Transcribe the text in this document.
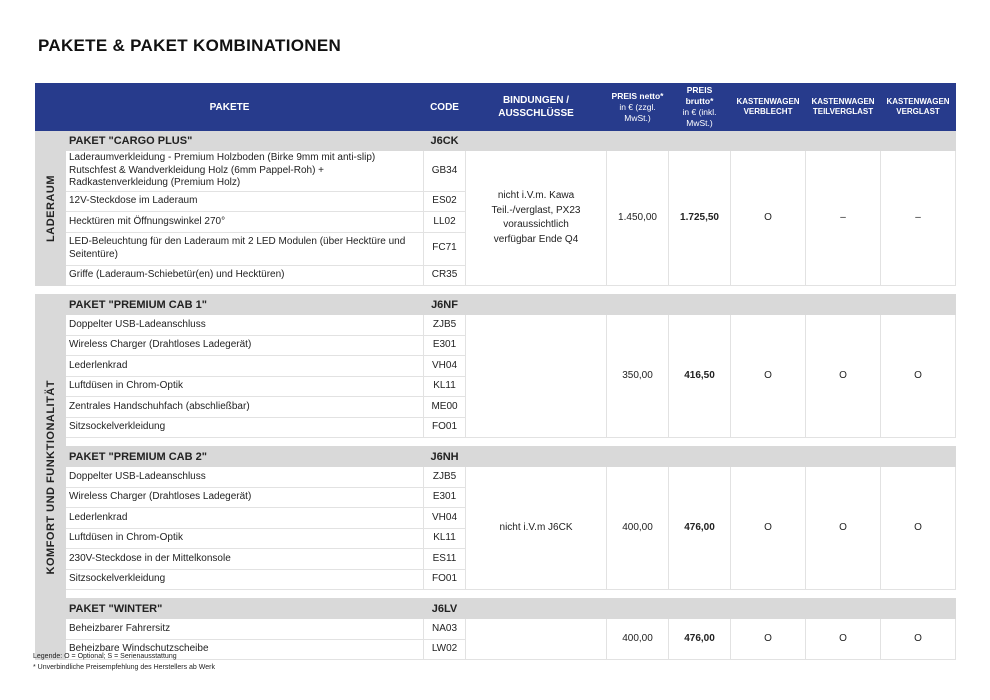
PAKETE & PAKET KOMBINATIONEN
PAKETE		CODE	BINDUNGEN / AUSSCHLÜSSE	PREIS netto*
in € (zzgl. MwSt.)	PREIS brutto*
in € (inkl. MwSt.)	KASTENWAGEN VERBLECHT	KASTENWAGEN TEILVERGLAST	KASTENWAGEN VERGLAST

LADERAUM	PAKET "CARGO PLUS"	J6CK						
	Laderaumverkleidung - Premium Holzboden (Birke 9mm mit anti-slip) Rutschfest & Wandverkleidung Holz (6mm Pappel-Roh) + Radkastenverkleidung (Premium Holz)	GB34	nicht i.V.m. Kawa Teil.-/verglast, PX23 voraussichtlich verfügbar Ende Q4	1.450,00	1.725,50	O	–	–
	12V-Steckdose im Laderaum	ES02						
	Hecktüren mit Öffnungswinkel 270°	LL02						
	LED-Beleuchtung für den Laderaum mit 2 LED Modulen (über Hecktüre und Seitentüre)	FC71						
	Griffe (Laderaum-Schiebetür(en) und Hecktüren)	CR35						

KOMFORT UND FUNKTIONALITÄT	PAKET "PREMIUM CAB 1"	J6NF						
	Doppelter USB-Ladeanschluss	ZJB5		350,00	416,50	O	O	O
	Wireless Charger (Drahtloses Ladegerät)	E301						
	Lederlenkrad	VH04						
	Luftdüsen in Chrom-Optik	KL11						
	Zentrales Handschuhfach (abschließbar)	ME00						
	Sitzsockelverkleidung	FO01						

	PAKET "PREMIUM CAB 2"	J6NH						
	Doppelter USB-Ladeanschluss	ZJB5	nicht i.V.m J6CK	400,00	476,00	O	O	O
	Wireless Charger (Drahtloses Ladegerät)	E301						
	Lederlenkrad	VH04						
	Luftdüsen in Chrom-Optik	KL11						
	230V-Steckdose in der Mittelkonsole	ES11						
	Sitzsockelverkleidung	FO01						

	PAKET "WINTER"	J6LV						
	Beheizbarer Fahrersitz	NA03		400,00	476,00	O	O	O
	Beheizbare Windschutzscheibe	LW02						
Legende: O = Optional; S = Serienausstattung
* Unverbindliche Preisempfehlung des Herstellers ab Werk
